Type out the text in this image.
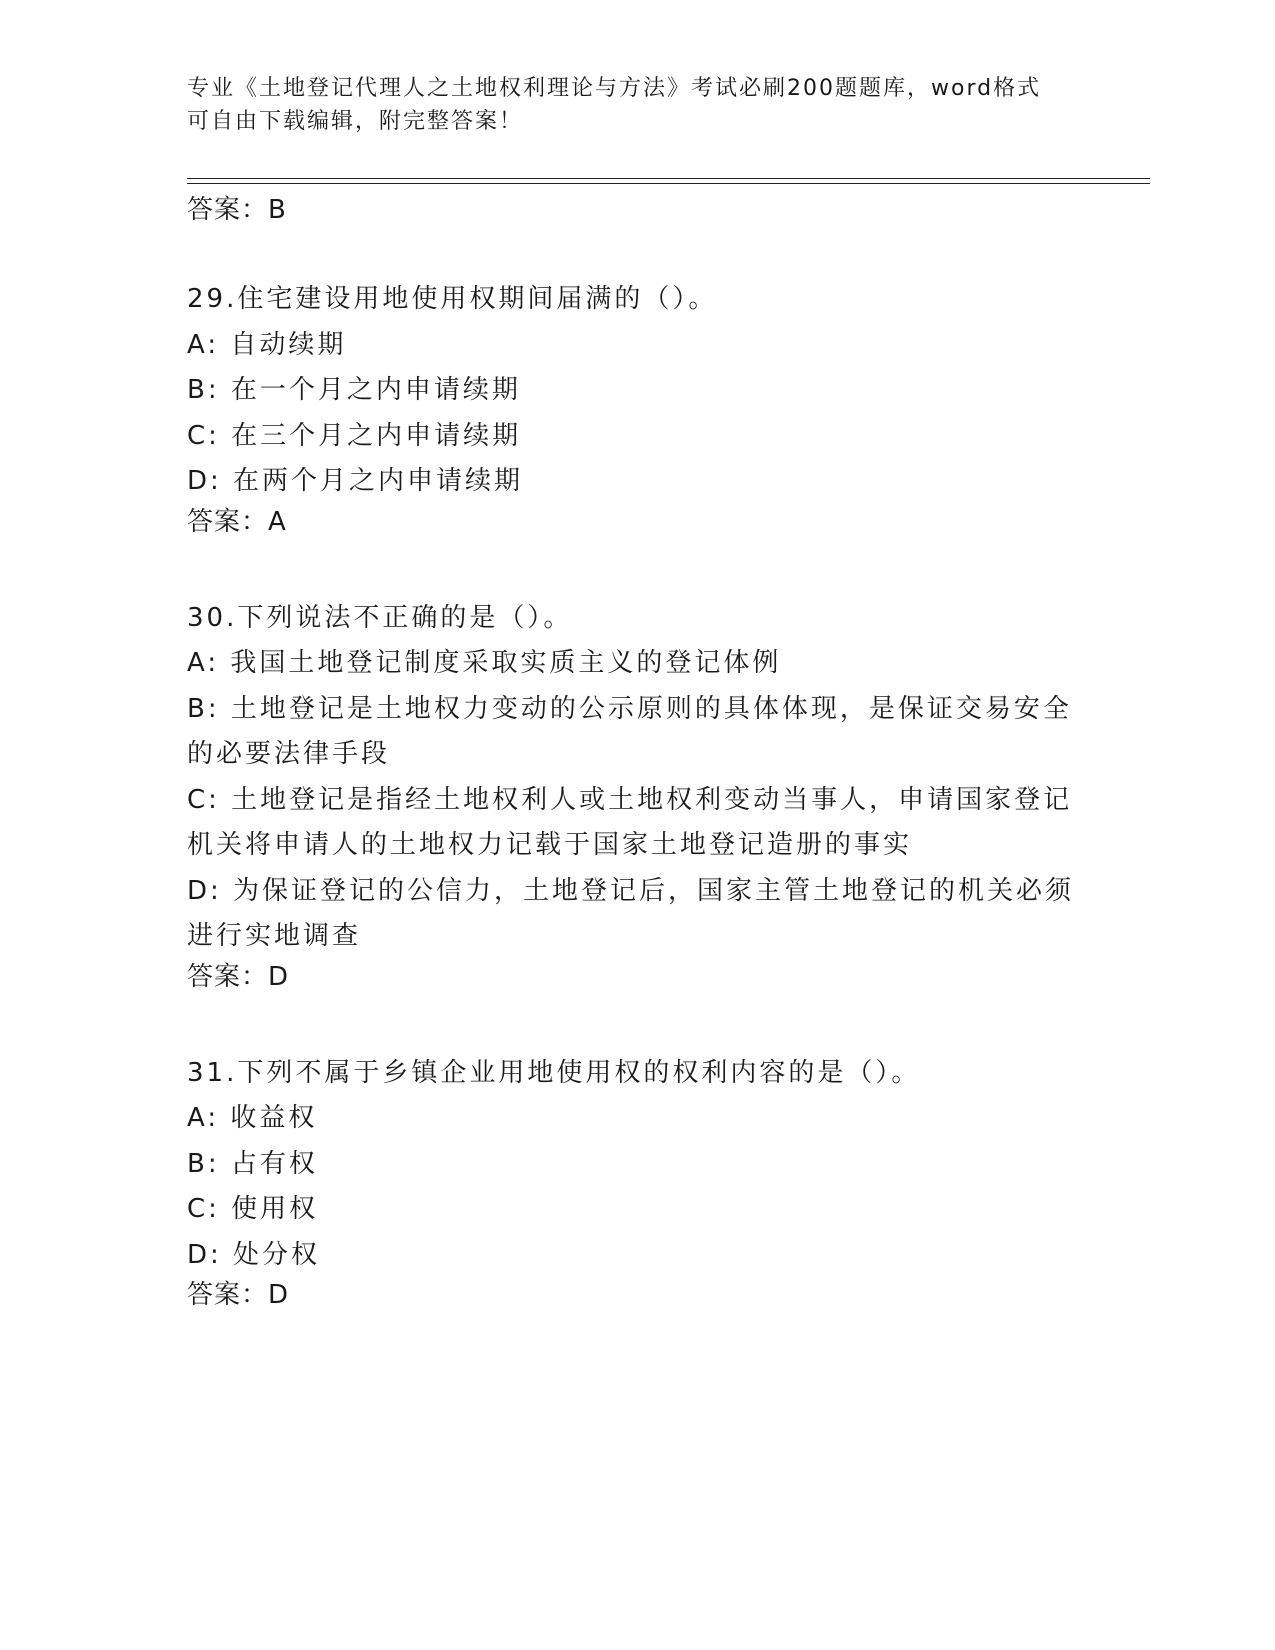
专业《土地登记代理人之土地权利理论与方法》考试必刷200题题库，word格式
可自由下载编辑，附完整答案！

答案：B

29.住宅建设用地使用权期间届满的（）。

A: 自动续期

B: 在一个月之内申请续期

C: 在三个月之内申请续期

D: 在两个月之内申请续期

答案：A

30.下列说法不正确的是（）。

A: 我国土地登记制度采取实质主义的登记体例

B: 土地登记是土地权力变动的公示原则的具体体现，是保证交易安全的必要法律手段

C: 土地登记是指经土地权利人或土地权利变动当事人，申请国家登记机关将申请人的土地权力记载于国家土地登记造册的事实

D: 为保证登记的公信力，土地登记后，国家主管土地登记的机关必须进行实地调查

答案：D

31.下列不属于乡镇企业用地使用权的权利内容的是（）。

A: 收益权

B: 占有权

C: 使用权

D: 处分权

答案：D
